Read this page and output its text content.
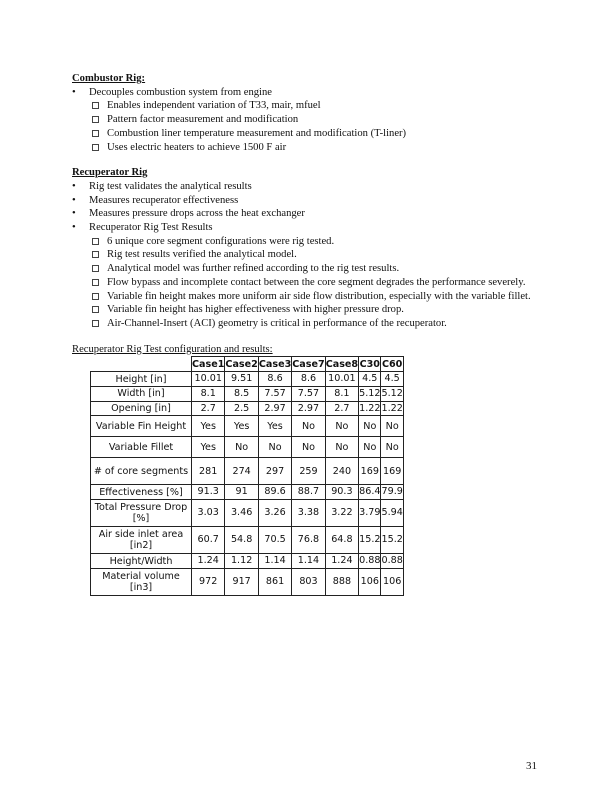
Combustor Rig:
• Decouples combustion system from engine
Enables independent variation of T33, mair, mfuel
Pattern factor measurement and modification
Combustion liner temperature measurement and modification (T-liner)
Uses electric heaters to achieve 1500 F air
Recuperator Rig
• Rig test validates the analytical results
• Measures recuperator effectiveness
• Measures pressure drops across the heat exchanger
• Recuperator Rig Test Results
6 unique core segment configurations were rig tested.
Rig test results verified the analytical model.
Analytical model was further refined according to the rig test results.
Flow bypass and incomplete contact between the core segment degrades the performance severely.
Variable fin height makes more uniform air side flow distribution, especially with the variable fillet.
Variable fin height has higher effectiveness with higher pressure drop.
Air-Channel-Insert (ACI) geometry is critical in performance of the recuperator.
Recuperator Rig Test configuration and results:
	Case1	Case2	Case3	Case7	Case8	C30	C60
Height [in]	10.01	9.51	8.6	8.6	10.01	4.5	4.5
Width [in]	8.1	8.5	7.57	7.57	8.1	5.12	5.12
Opening [in]	2.7	2.5	2.97	2.97	2.7	1.22	1.22
Variable Fin Height	Yes	Yes	Yes	No	No	No	No
Variable Fillet	Yes	No	No	No	No	No	No
# of core segments	281	274	297	259	240	169	169
Effectiveness [%]	91.3	91	89.6	88.7	90.3	86.4	79.9
Total Pressure Drop [%]	3.03	3.46	3.26	3.38	3.22	3.79	5.94
Air side inlet area [in2]	60.7	54.8	70.5	76.8	64.8	15.2	15.2
Height/Width	1.24	1.12	1.14	1.14	1.24	0.88	0.88
Material volume [in3]	972	917	861	803	888	106	106
31
